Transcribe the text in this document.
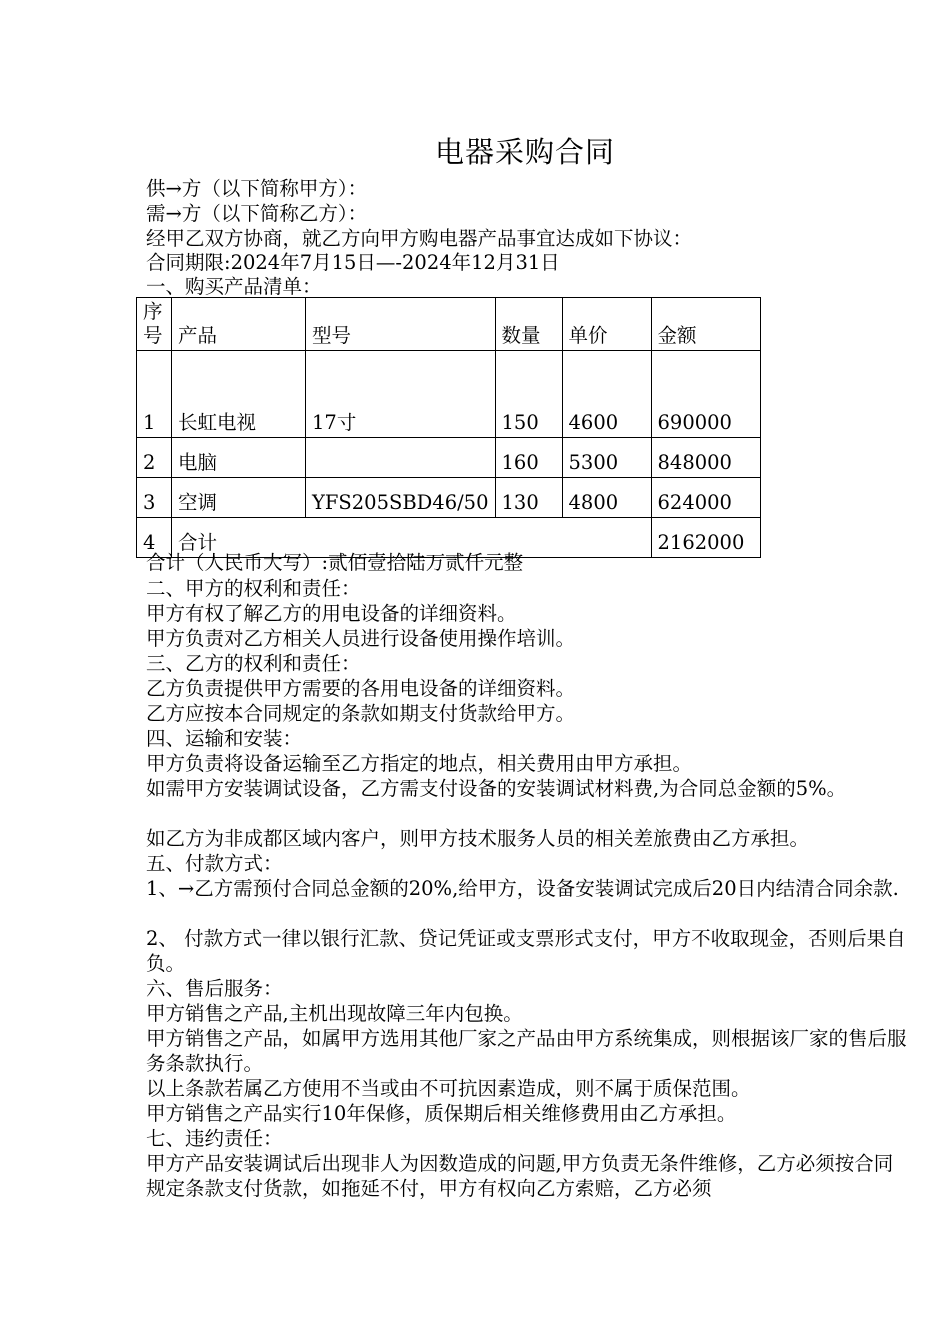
电器采购合同
供→方（以下简称甲方）：
需→方（以下简称乙方）：
经甲乙双方协商，就乙方向甲方购电器产品事宜达成如下协议：
合同期限:2024年7月15日—-2024年12月31日
一、购买产品清单：
序号	产品	型号	数量	单价	金额
1	长虹电视	17寸	150	4600	690000
2	电脑		160	5300	848000
3	空调	YFS205SBD46/50	130	4800	624000
4	合计				2162000
合计（人民币大写）:贰佰壹拾陆万贰仟元整
二、甲方的权利和责任：
甲方有权了解乙方的用电设备的详细资料。
甲方负责对乙方相关人员进行设备使用操作培训。
三、乙方的权利和责任：
乙方负责提供甲方需要的各用电设备的详细资料。
乙方应按本合同规定的条款如期支付货款给甲方。
四、运输和安装：
甲方负责将设备运输至乙方指定的地点，相关费用由甲方承担。
如需甲方安装调试设备，乙方需支付设备的安装调试材料费,为合同总金额的5%。
如乙方为非成都区域内客户，则甲方技术服务人员的相关差旅费由乙方承担。
五、付款方式：
1、→乙方需预付合同总金额的20%,给甲方，设备安装调试完成后20日内结清合同余款.
2、 付款方式一律以银行汇款、贷记凭证或支票形式支付，甲方不收取现金，否则后果自负。
六、售后服务：
甲方销售之产品,主机出现故障三年内包换。
甲方销售之产品，如属甲方选用其他厂家之产品由甲方系统集成，则根据该厂家的售后服务条款执行。
以上条款若属乙方使用不当或由不可抗因素造成，则不属于质保范围。
甲方销售之产品实行10年保修，质保期后相关维修费用由乙方承担。
七、违约责任：
甲方产品安装调试后出现非人为因数造成的问题,甲方负责无条件维修，乙方必须按合同规定条款支付货款，如拖延不付，甲方有权向乙方索赔，乙方必须
